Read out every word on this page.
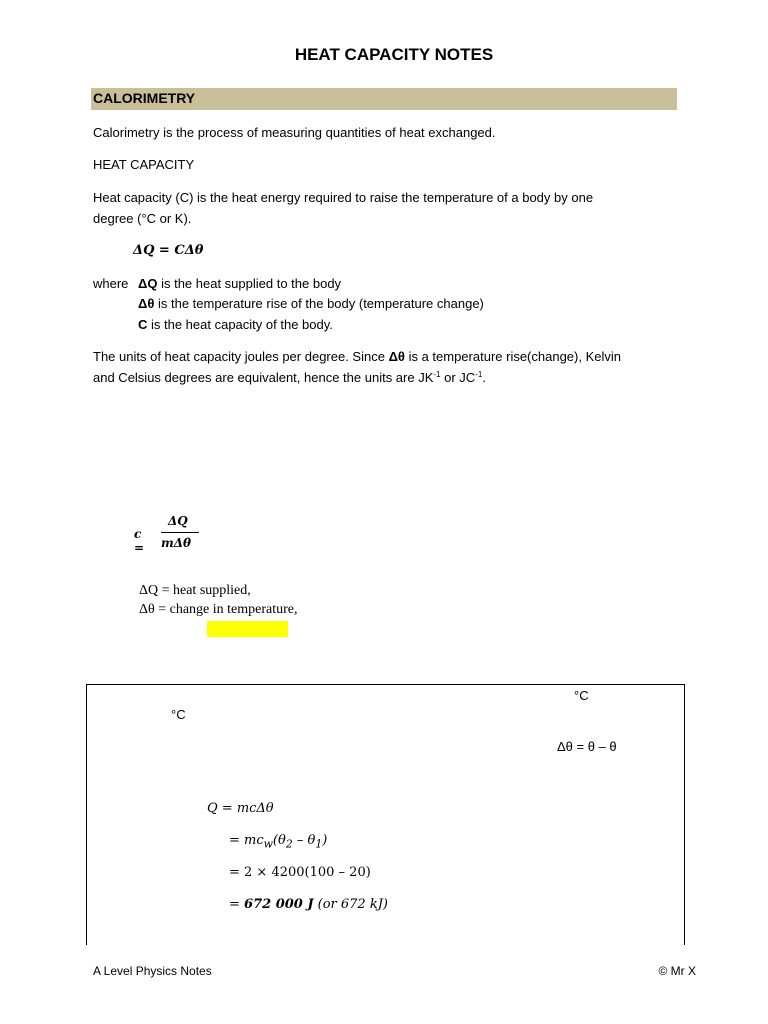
HEAT CAPACITY NOTES
CALORIMETRY
Calorimetry is the process of measuring quantities of heat exchanged.
HEAT CAPACITY
Heat capacity (C) is the heat energy required to raise the temperature of a body by one
degree (°C or K).
ΔQ = CΔθ
where ΔQ is the heat supplied to the body
Δθ is the temperature rise of the body (temperature change)
C is the heat capacity of the body.
The units of heat capacity joules per degree. Since Δθ is a temperature rise(change), Kelvin
and Celsius degrees are equivalent, hence the units are $JK^{-1}$ or $JC^{-1}$.
c =
ΔQ
mΔθ
ΔQ = heat supplied,
Δθ = change in temperature,
°C
°C
Δθ = θ – θ
Q = mcΔθ
= $mc_w(\theta_2 - \theta_1)$
= 2 × 4200(100 – 20)
= 672 000 J (or 672 kJ)
A Level Physics Notes	© Mr X
